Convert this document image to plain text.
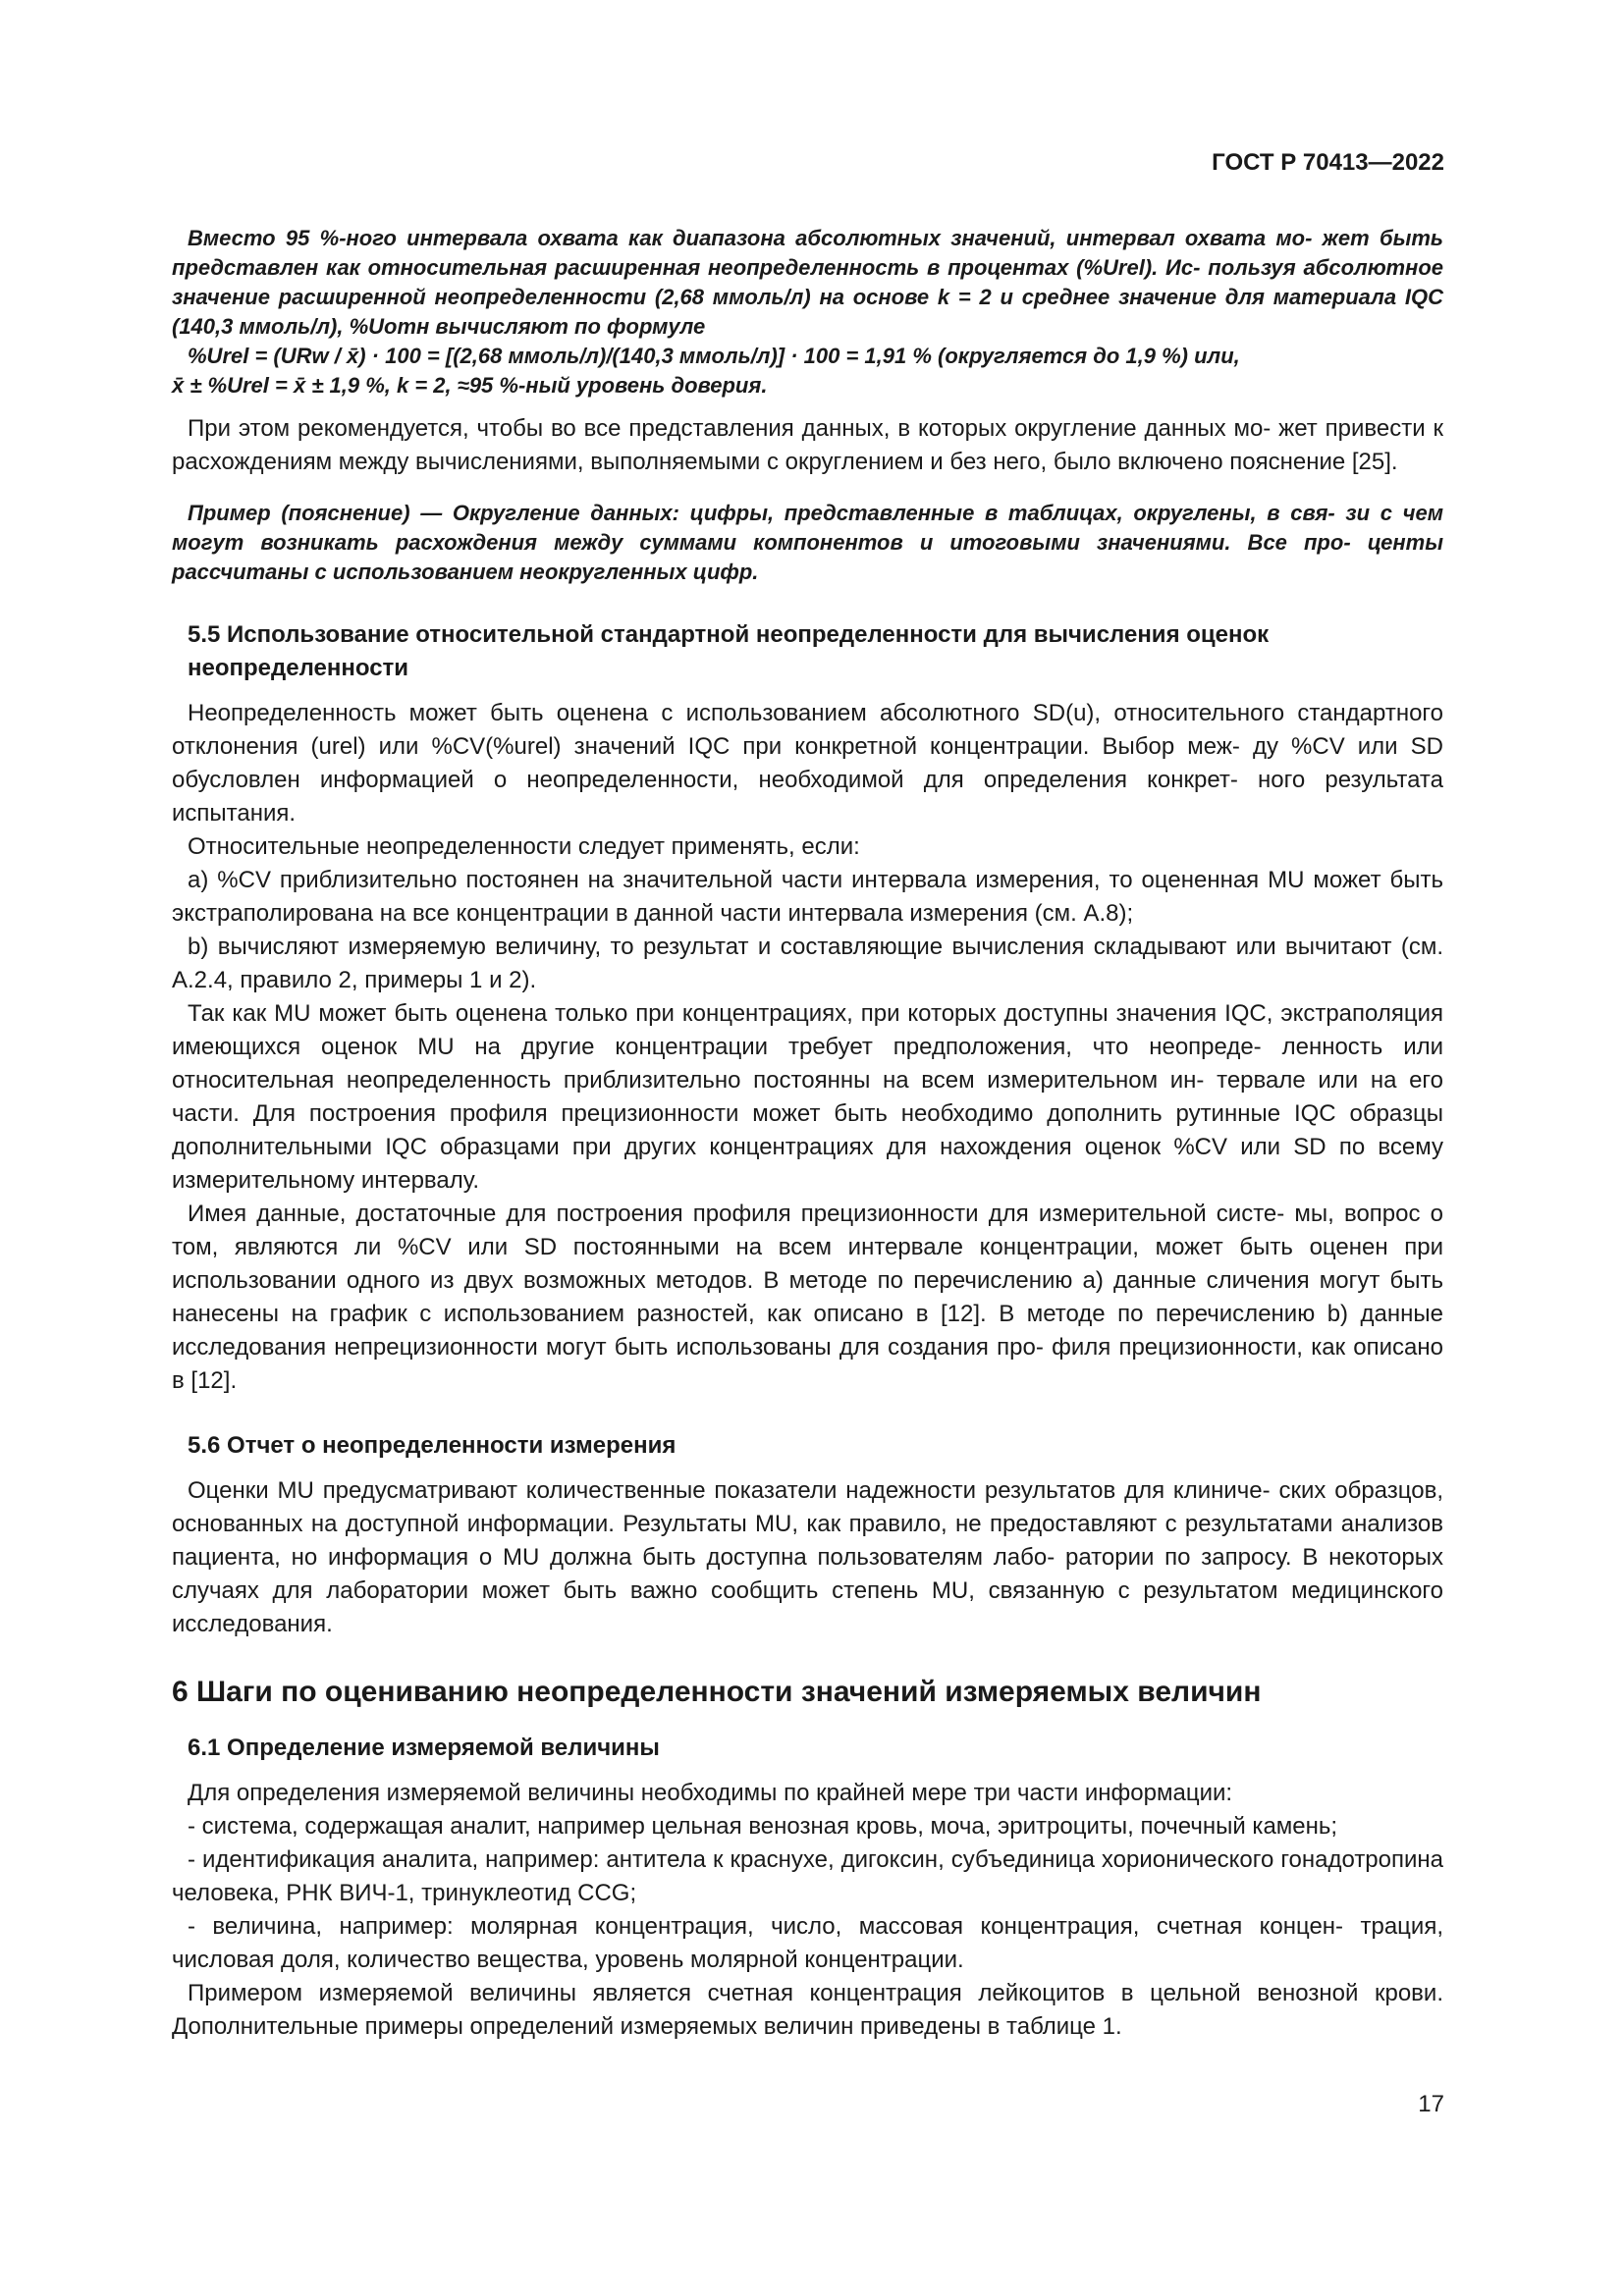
ГОСТ Р 70413—2022

Вместо 95 %-ного интервала охвата как диапазона абсолютных значений, интервал охвата мо- жет быть представлен как относительная расширенная неопределенность в процентах (%Urel). Ис- пользуя абсолютное значение расширенной неопределенности (2,68 ммоль/л) на основе k = 2 и среднее значение для материала IQC (140,3 ммоль/л), %Uотн вычисляют по формуле

%Urel = (URw / x̄) · 100 = [(2,68 ммоль/л)/(140,3 ммоль/л)] · 100 = 1,91 % (округляется до 1,9 %) или,

x̄ ± %Urel = x̄ ± 1,9 %, k = 2, ≈95 %-ный уровень доверия.

При этом рекомендуется, чтобы во все представления данных, в которых округление данных мо- жет привести к расхождениям между вычислениями, выполняемыми с округлением и без него, было включено пояснение [25].

Пример (пояснение) — Округление данных: цифры, представленные в таблицах, округлены, в свя- зи с чем могут возникать расхождения между суммами компонентов и итоговыми значениями. Все про- центы рассчитаны с использованием неокругленных цифр.

5.5 Использование относительной стандартной неопределенности для вычисления оценок
неопределенности

Неопределенность может быть оценена с использованием абсолютного SD(u), относительного стандартного отклонения (urel) или %CV(%urel) значений IQC при конкретной концентрации. Выбор меж- ду %CV или SD обусловлен информацией о неопределенности, необходимой для определения конкрет- ного результата испытания.

Относительные неопределенности следует применять, если:

a) %CV приблизительно постоянен на значительной части интервала измерения, то оцененная MU может быть экстраполирована на все концентрации в данной части интервала измерения (см. А.8);

b) вычисляют измеряемую величину, то результат и составляющие вычисления складывают или вычитают (см. А.2.4, правило 2, примеры 1 и 2).

Так как MU может быть оценена только при концентрациях, при которых доступны значения IQC, экстраполяция имеющихся оценок MU на другие концентрации требует предположения, что неопреде- ленность или относительная неопределенность приблизительно постоянны на всем измерительном ин- тервале или на его части. Для построения профиля прецизионности может быть необходимо дополнить рутинные IQC образцы дополнительными IQC образцами при других концентрациях для нахождения оценок %CV или SD по всему измерительному интервалу.

Имея данные, достаточные для построения профиля прецизионности для измерительной систе- мы, вопрос о том, являются ли %CV или SD постоянными на всем интервале концентрации, может быть оценен при использовании одного из двух возможных методов. В методе по перечислению а) данные сличения могут быть нанесены на график с использованием разностей, как описано в [12]. В методе по перечислению b) данные исследования непрецизионности могут быть использованы для создания про- филя прецизионности, как описано в [12].

5.6 Отчет о неопределенности измерения

Оценки MU предусматривают количественные показатели надежности результатов для клиниче- ских образцов, основанных на доступной информации. Результаты MU, как правило, не предоставляют с результатами анализов пациента, но информация о MU должна быть доступна пользователям лабо- ратории по запросу. В некоторых случаях для лаборатории может быть важно сообщить степень MU, связанную с результатом медицинского исследования.

6 Шаги по оцениванию неопределенности значений измеряемых величин
6.1 Определение измеряемой величины

Для определения измеряемой величины необходимы по крайней мере три части информации:

- система, содержащая аналит, например цельная венозная кровь, моча, эритроциты, почечный камень;

- идентификация аналита, например: антитела к краснухе, дигоксин, субъединица хорионического гонадотропина человека, РНК ВИЧ-1, тринуклеотид CCG;

- величина, например: молярная концентрация, число, массовая концентрация, счетная концен- трация, числовая доля, количество вещества, уровень молярной концентрации.

Примером измеряемой величины является счетная концентрация лейкоцитов в цельной венозной крови. Дополнительные примеры определений измеряемых величин приведены в таблице 1.

17
